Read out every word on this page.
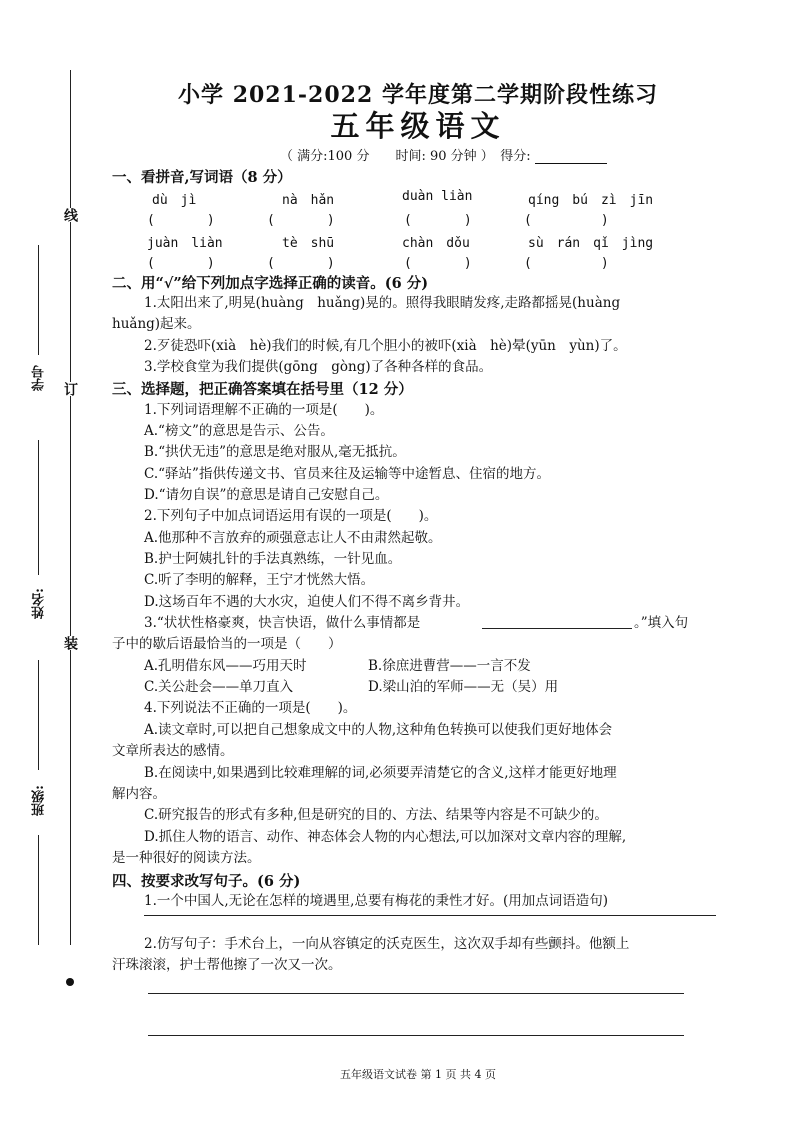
线
订
装
学号
姓名:
班级:
小学 2021-2022 学年度第二学期阶段性练习
五年级语文
（ 满分:100 分　　时间: 90 分钟 ）　得分:
一、看拼音,写词语（8 分）
dù　jì	nà　hǎn	duàn liàn	qíng　bú　zì　jīn
(　　　　)	(　　　　)	(　　　　)	(　　　　)
juàn　liàn	tè　shū	chàn　dǒu	sù　rán　qǐ　jìng
(　　　　)	(　　　　)	(　　　　)	(　　　　)
二、用“√”给下列加点字选择正确的读音。(6 分)
1.太阳出来了,明晃(huàng　huǎng)晃的。照得我眼睛发疼,走路都摇晃(huàng
huǎng)起来。
2.歹徒恐吓(xià　hè)我们的时候,有几个胆小的被吓(xià　hè)晕(yūn　yùn)了。
3.学校食堂为我们提供(gōng　gòng)了各种各样的食品。
三、选择题，把正确答案填在括号里（12 分）
1.下列词语理解不正确的一项是(　　)。
A.“榜文”的意思是告示、公告。
B.“拱伏无违”的意思是绝对服从,毫无抵抗。
C.“驿站”指供传递文书、官员来往及运输等中途暂息、住宿的地方。
D.“请勿自误”的意思是请自己安慰自己。
2.下列句子中加点词语运用有误的一项是(　　)。
A.他那种不言放弃的顽强意志让人不由肃然起敬。
B.护士阿姨扎针的手法真熟练，一针见血。
C.听了李明的解释，王宁才恍然大悟。
D.这场百年不遇的大水灾，迫使人们不得不离乡背井。
3.“状状性格豪爽，快言快语，做什么事情都是	。”填入句
子中的歇后语最恰当的一项是（　　）
A.孔明借东风——巧用天时	B.徐庶进曹营——一言不发
C.关公赴会——单刀直入	D.梁山泊的军师——无（吴）用
4.下列说法不正确的一项是(　　)。
A.读文章时,可以把自己想象成文中的人物,这种角色转换可以使我们更好地体会
文章所表达的感情。
B.在阅读中,如果遇到比较难理解的词,必须要弄清楚它的含义,这样才能更好地理
解内容。
C.研究报告的形式有多种,但是研究的目的、方法、结果等内容是不可缺少的。
D.抓住人物的语言、动作、神态体会人物的内心想法,可以加深对文章内容的理解,
是一种很好的阅读方法。
四、按要求改写句子。(6 分)
1.一个中国人,无论在怎样的境遇里,总要有梅花的秉性才好。(用加点词语造句)
2.仿写句子：手术台上，一向从容镇定的沃克医生，这次双手却有些颤抖。他额上
汗珠滚滚，护士帮他擦了一次又一次。
五年级语文试卷 第 1 页 共 4 页
